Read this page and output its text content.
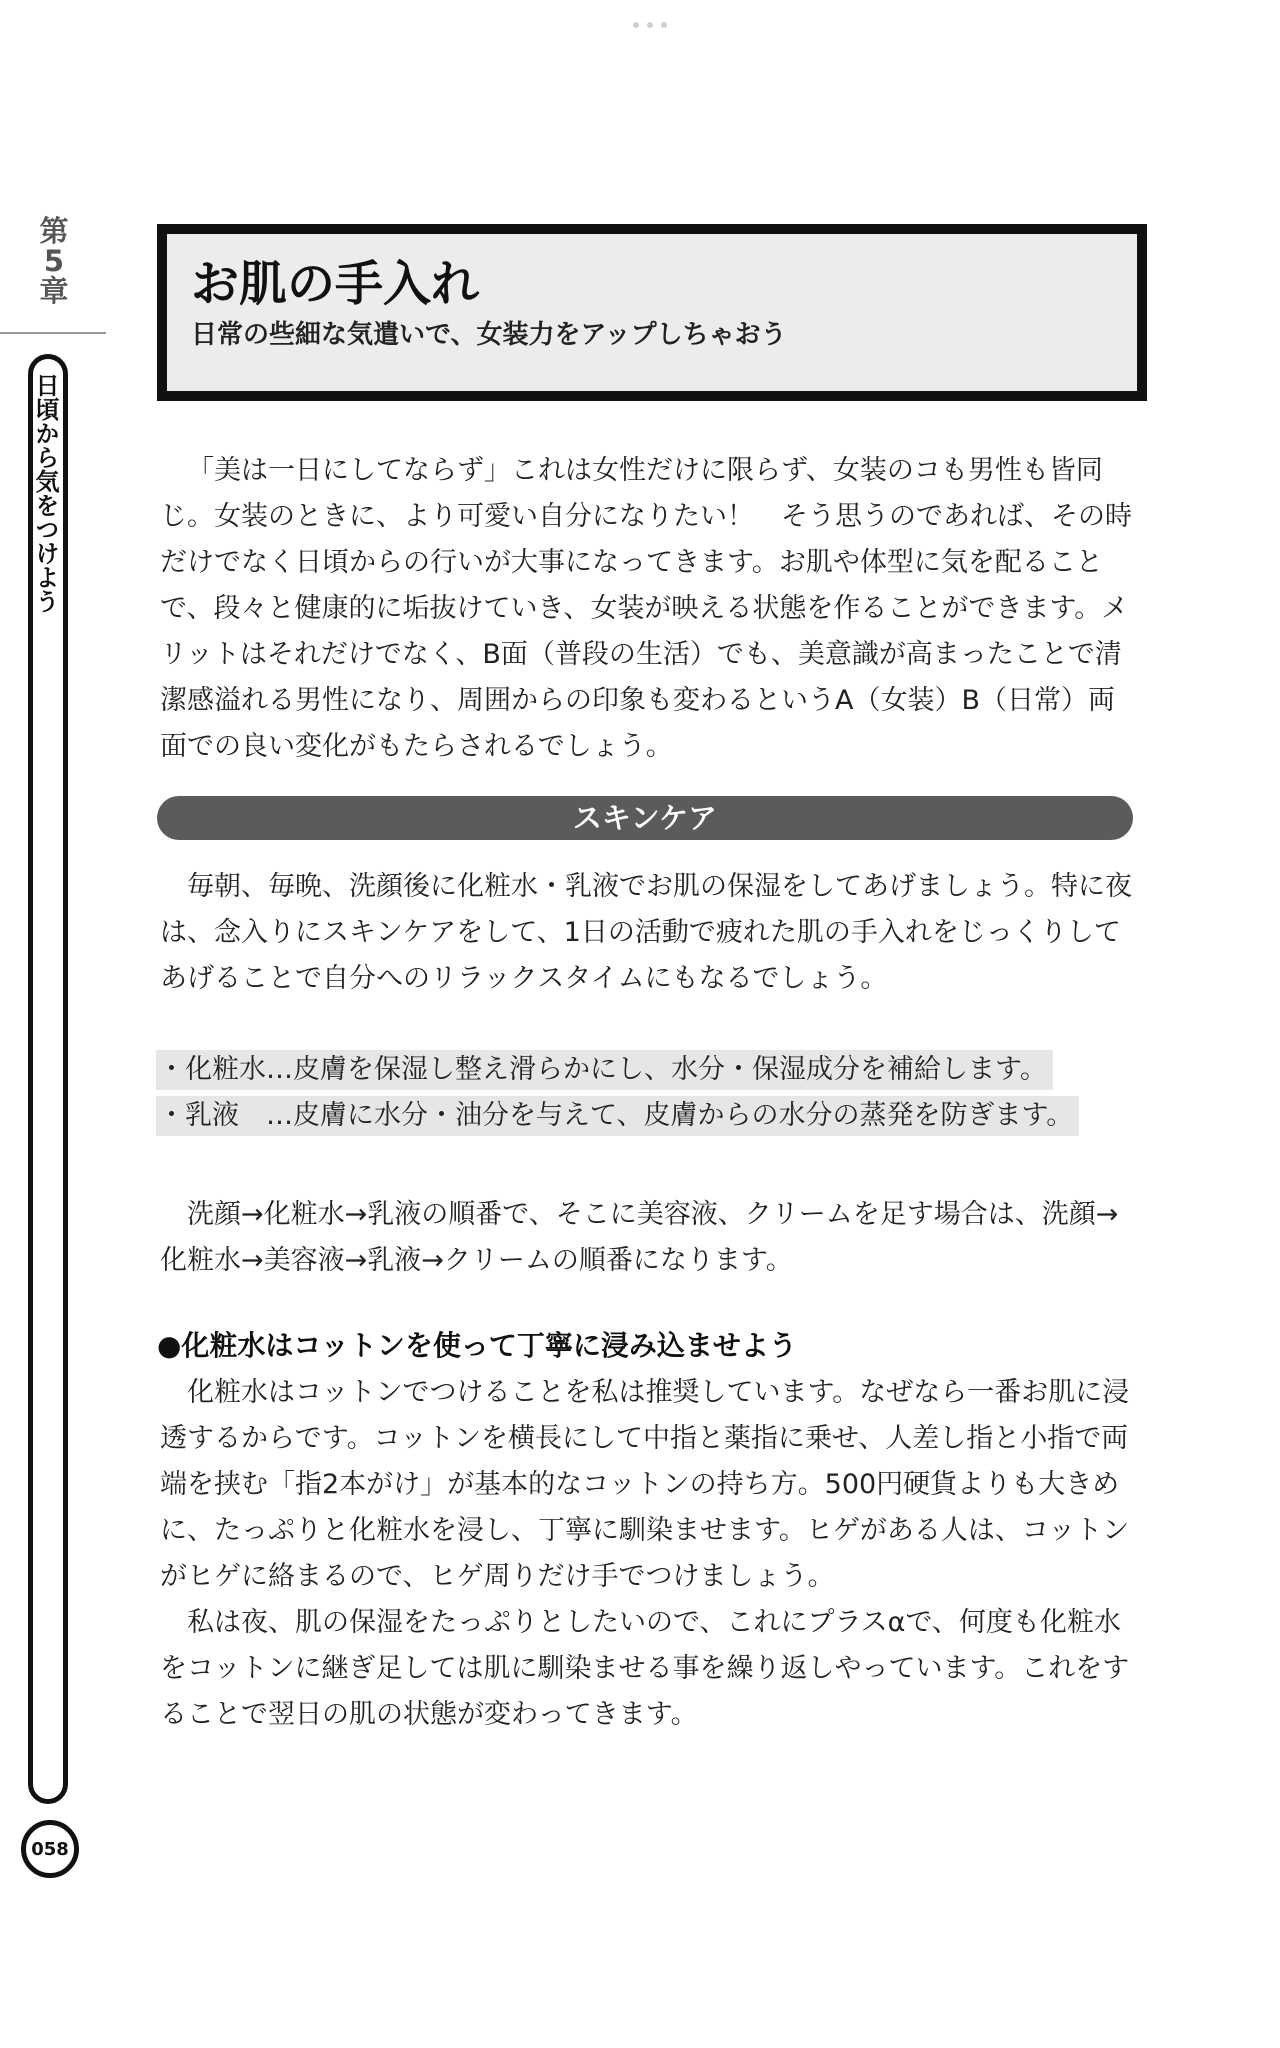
第
5
章
日頃から気をつけよう
058
お肌の手入れ
日常の些細な気遣いで、女装力をアップしちゃおう

「美は一日にしてならず」これは女性だけに限らず、女装のコも男性も皆同じ。女装のときに、より可愛い自分になりたい！　そう思うのであれば、その時だけでなく日頃からの行いが大事になってきます。お肌や体型に気を配ることで、段々と健康的に垢抜けていき、女装が映える状態を作ることができます。メリットはそれだけでなく、B面（普段の生活）でも、美意識が高まったことで清潔感溢れる男性になり、周囲からの印象も変わるというA（女装）B（日常）両面での良い変化がもたらされるでしょう。

スキンケア

毎朝、毎晩、洗顔後に化粧水・乳液でお肌の保湿をしてあげましょう。特に夜は、念入りにスキンケアをして、1日の活動で疲れた肌の手入れをじっくりしてあげることで自分へのリラックスタイムにもなるでしょう。

・化粧水…皮膚を保湿し整え滑らかにし、水分・保湿成分を補給します。
・乳液　…皮膚に水分・油分を与えて、皮膚からの水分の蒸発を防ぎます。

洗顔→化粧水→乳液の順番で、そこに美容液、クリームを足す場合は、洗顔→化粧水→美容液→乳液→クリームの順番になります。

●化粧水はコットンを使って丁寧に浸み込ませよう

化粧水はコットンでつけることを私は推奨しています。なぜなら一番お肌に浸透するからです。コットンを横長にして中指と薬指に乗せ、人差し指と小指で両端を挟む「指2本がけ」が基本的なコットンの持ち方。500円硬貨よりも大きめに、たっぷりと化粧水を浸し、丁寧に馴染ませます。ヒゲがある人は、コットンがヒゲに絡まるので、ヒゲ周りだけ手でつけましょう。

私は夜、肌の保湿をたっぷりとしたいので、これにプラスαで、何度も化粧水をコットンに継ぎ足しては肌に馴染ませる事を繰り返しやっています。これをすることで翌日の肌の状態が変わってきます。
